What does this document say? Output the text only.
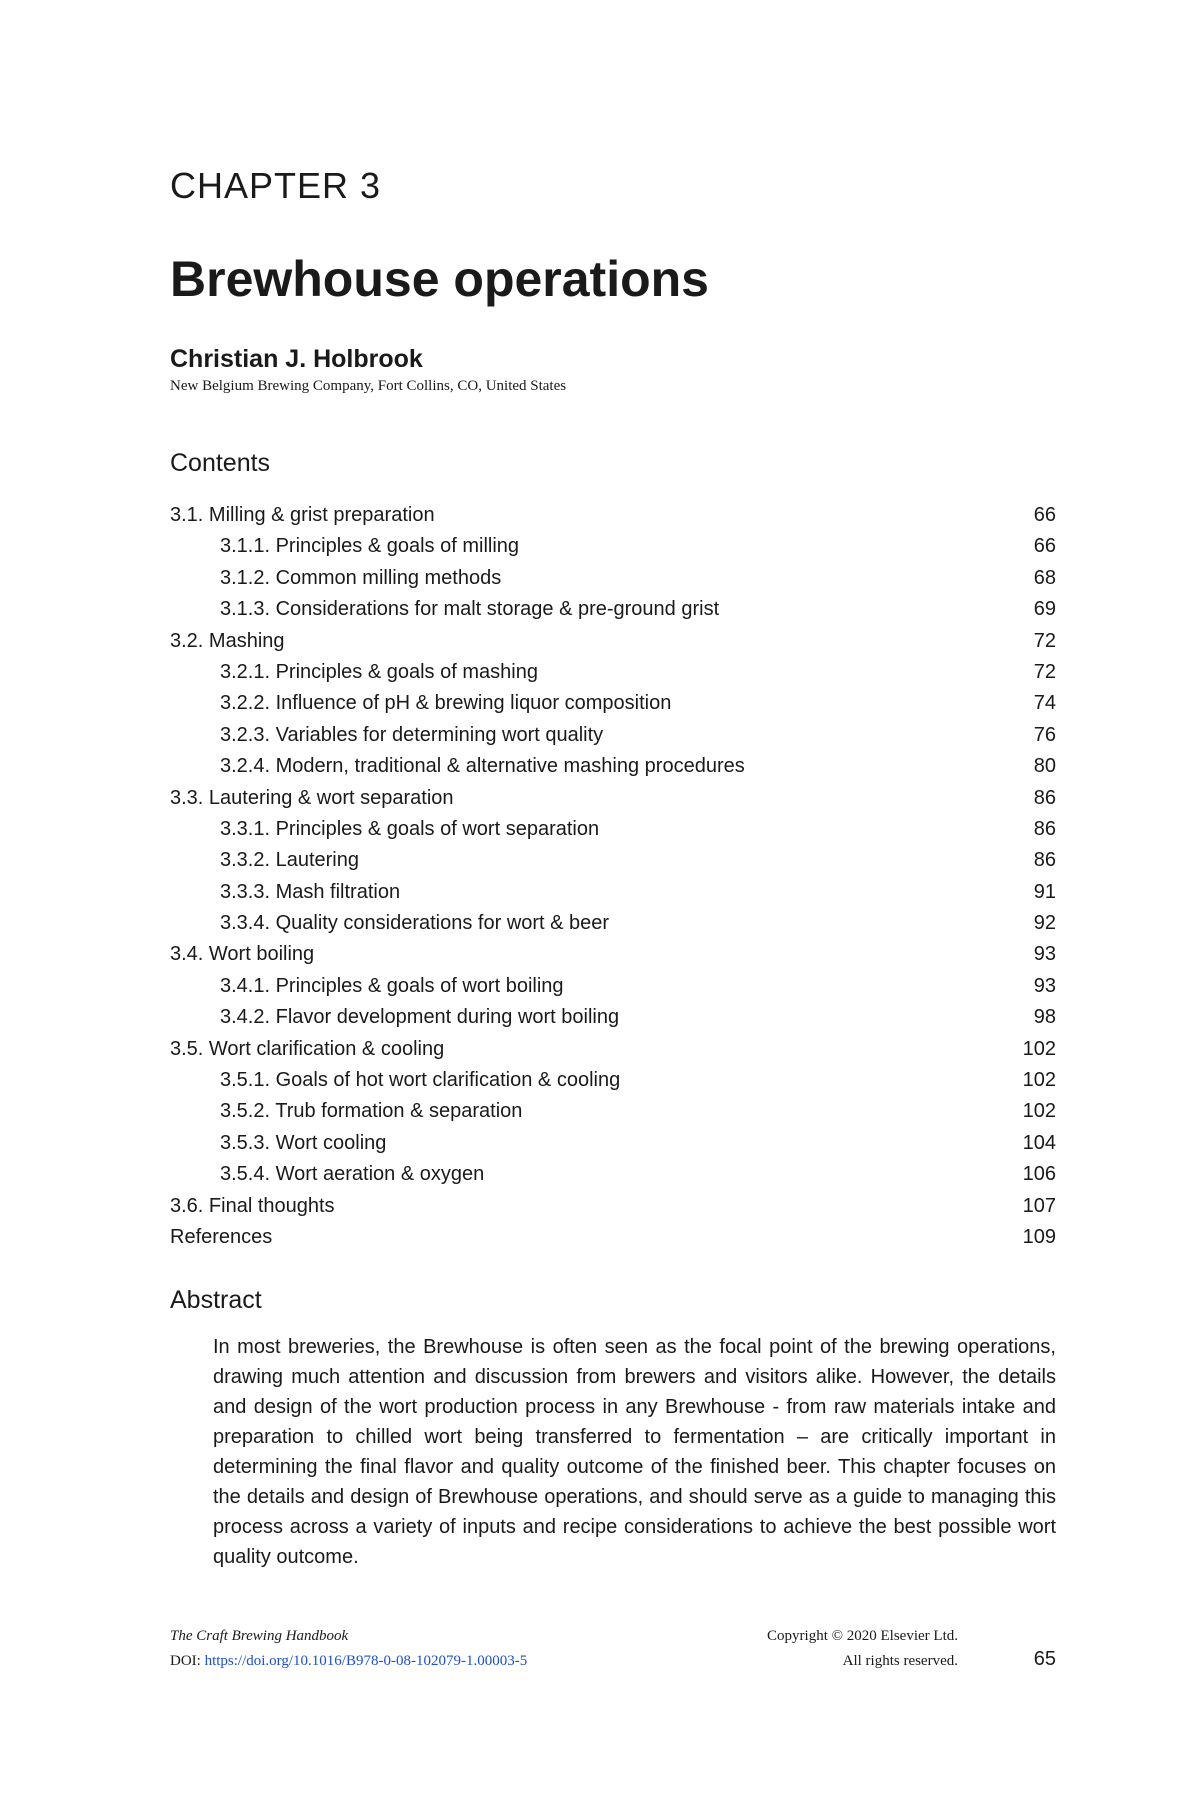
CHAPTER 3
Brewhouse operations

Christian J. Holbrook

New Belgium Brewing Company, Fort Collins, CO, United States

Contents
3.1. Milling & grist preparation	66
3.1.1. Principles & goals of milling	66
3.1.2. Common milling methods	68
3.1.3. Considerations for malt storage & pre-ground grist	69
3.2. Mashing	72
3.2.1. Principles & goals of mashing	72
3.2.2. Influence of pH & brewing liquor composition	74
3.2.3. Variables for determining wort quality	76
3.2.4. Modern, traditional & alternative mashing procedures	80
3.3. Lautering & wort separation	86
3.3.1. Principles & goals of wort separation	86
3.3.2. Lautering	86
3.3.3. Mash filtration	91
3.3.4. Quality considerations for wort & beer	92
3.4. Wort boiling	93
3.4.1. Principles & goals of wort boiling	93
3.4.2. Flavor development during wort boiling	98
3.5. Wort clarification & cooling	102
3.5.1. Goals of hot wort clarification & cooling	102
3.5.2. Trub formation & separation	102
3.5.3. Wort cooling	104
3.5.4. Wort aeration & oxygen	106
3.6. Final thoughts	107
References	109
Abstract

In most breweries, the Brewhouse is often seen as the focal point of the brewing operations, drawing much attention and discussion from brewers and visitors alike. However, the details and design of the wort production process in any Brewhouse - from raw materials intake and preparation to chilled wort being transferred to fermentation – are critically important in determining the final flavor and quality outcome of the finished beer. This chapter focuses on the details and design of Brewhouse operations, and should serve as a guide to managing this process across a variety of inputs and recipe considerations to achieve the best possible wort quality outcome.

The Craft Brewing Handbook
DOI: https://doi.org/10.1016/B978-0-08-102079-1.00003-5
Copyright © 2020 Elsevier Ltd.
All rights reserved.	65
